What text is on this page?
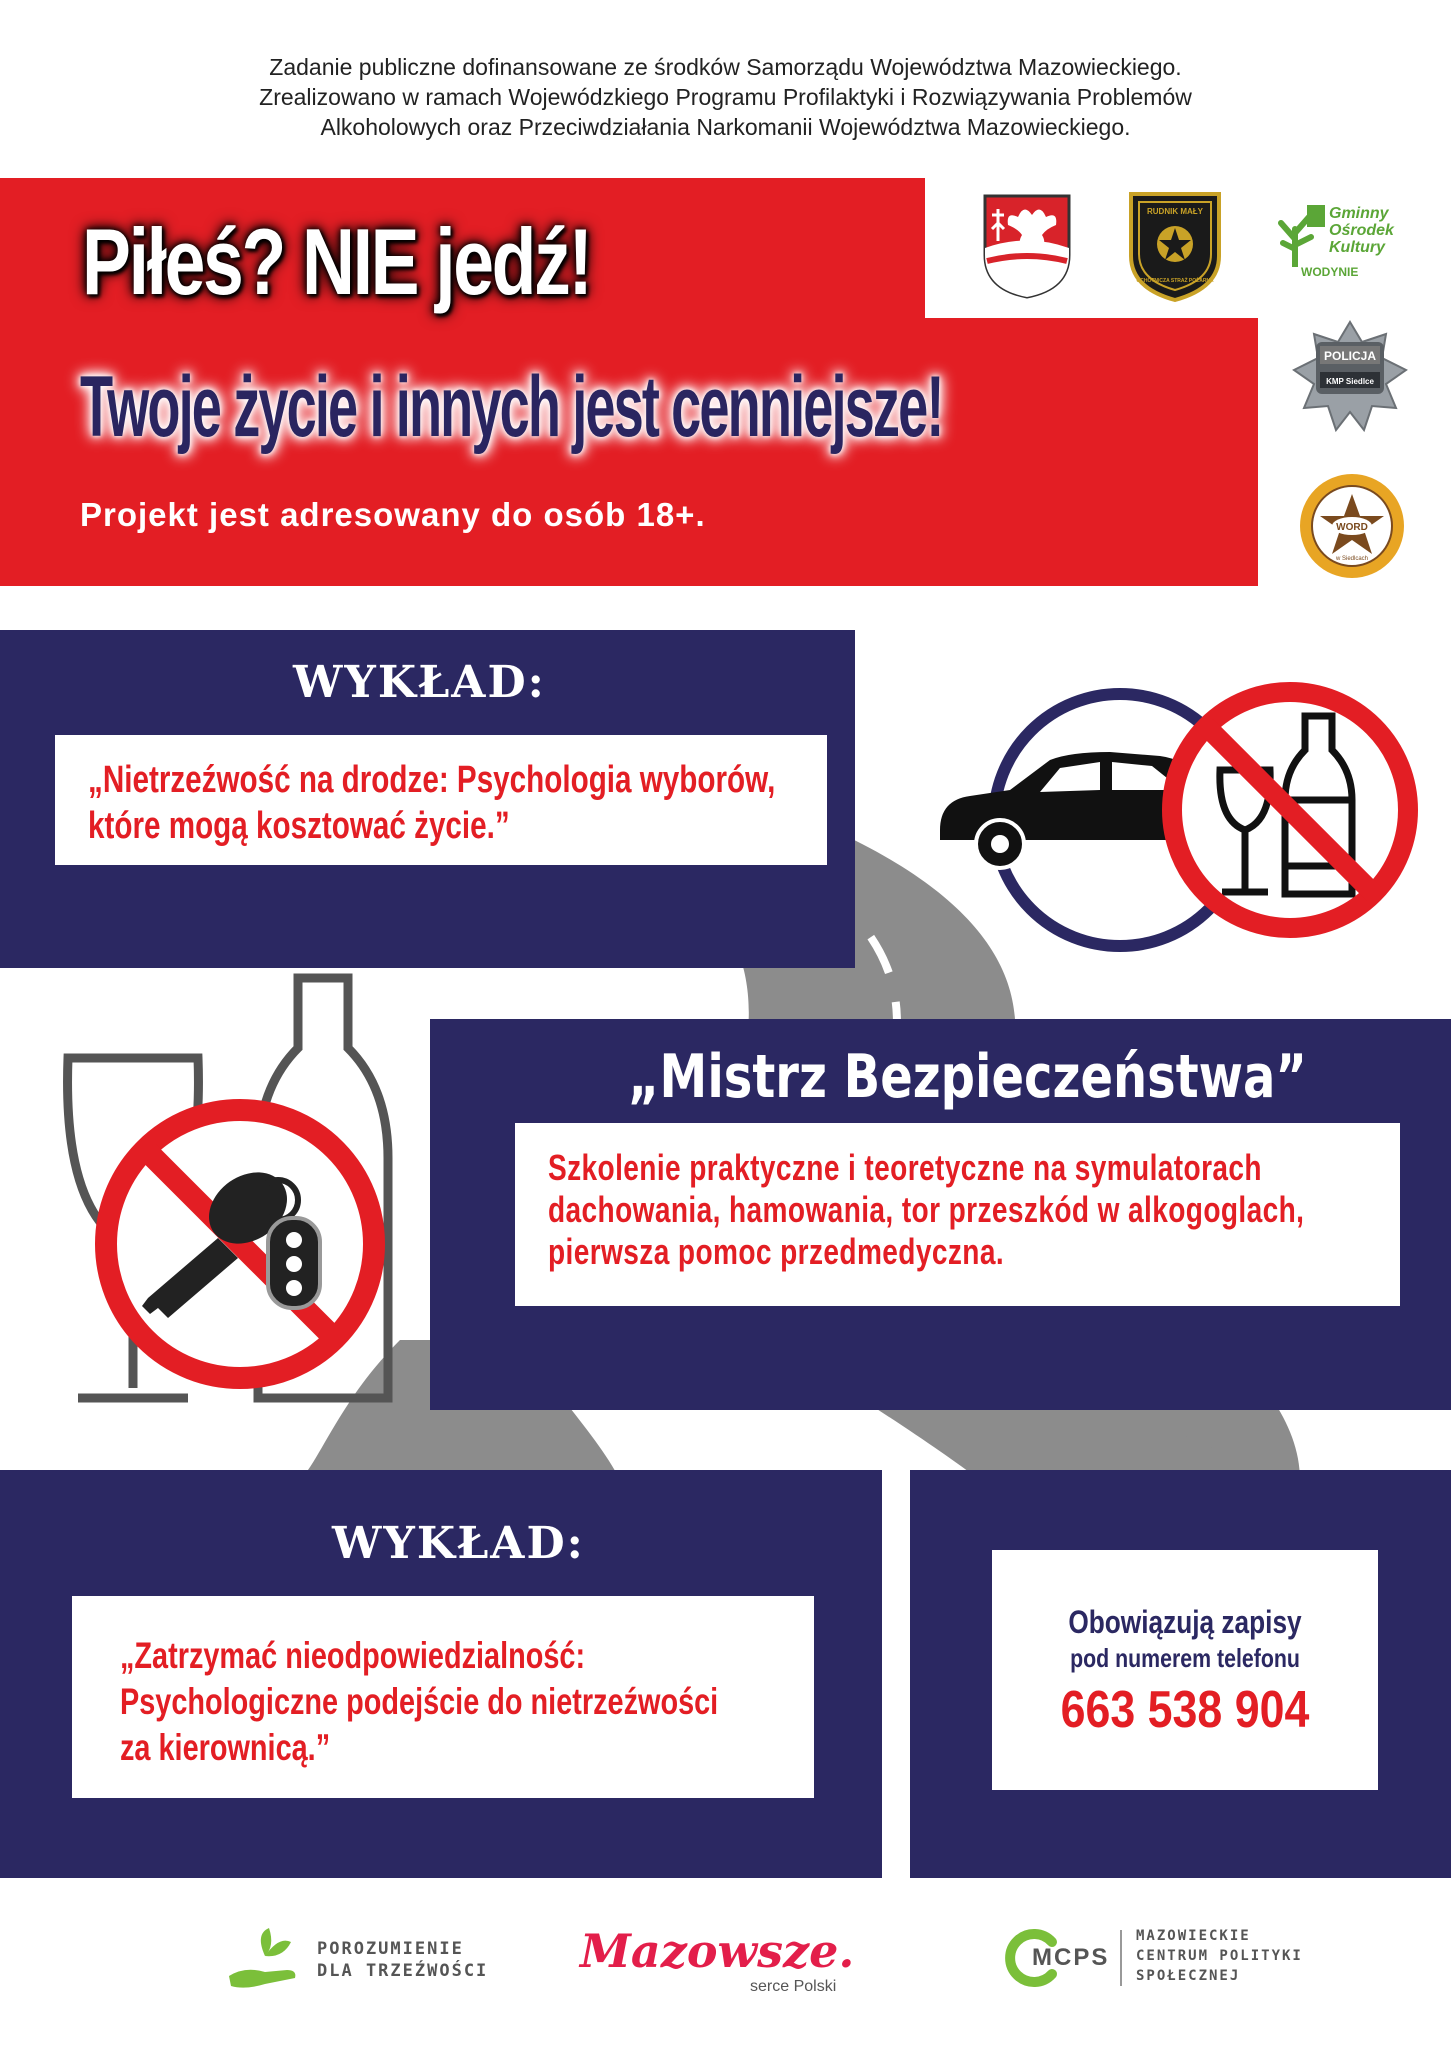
Zadanie publiczne dofinansowane ze środków Samorządu Województwa Mazowieckiego.
Zrealizowano w ramach Wojewódzkiego Programu Profilaktyki i Rozwiązywania Problemów
Alkoholowych oraz Przeciwdziałania Narkomanii Województwa Mazowieckiego.
Piłeś? NIE jedź!
Twoje życie i innych jest cenniejsze!
Projekt jest adresowany do osób 18+.
RUDNIK MAŁY
OCHOTNICZA STRAŻ POŻARNA
Gminny
Ośrodek
Kultury
WODYNIE
POLICJA
KMP Siedlce
WORD
w Siedlcach
WYKŁAD:
„Nietrzeźwość na drodze: Psychologia wyborów,
które mogą kosztować życie.”
„Mistrz Bezpieczeństwa”
Szkolenie praktyczne i teoretyczne na symulatorach
dachowania, hamowania, tor przeszkód w alkogoglach,
pierwsza pomoc przedmedyczna.
WYKŁAD:
„Zatrzymać nieodpowiedzialność:
Psychologiczne podejście do nietrzeźwości
za kierownicą.”
Obowiązują zapisy
pod numerem telefonu
663 538 904
POROZUMIENIE
DLA TRZEŹWOŚCI Mazowsze.
serce Polski
MCPS
MAZOWIECKIE
CENTRUM POLITYKI
SPOŁECZNEJ
